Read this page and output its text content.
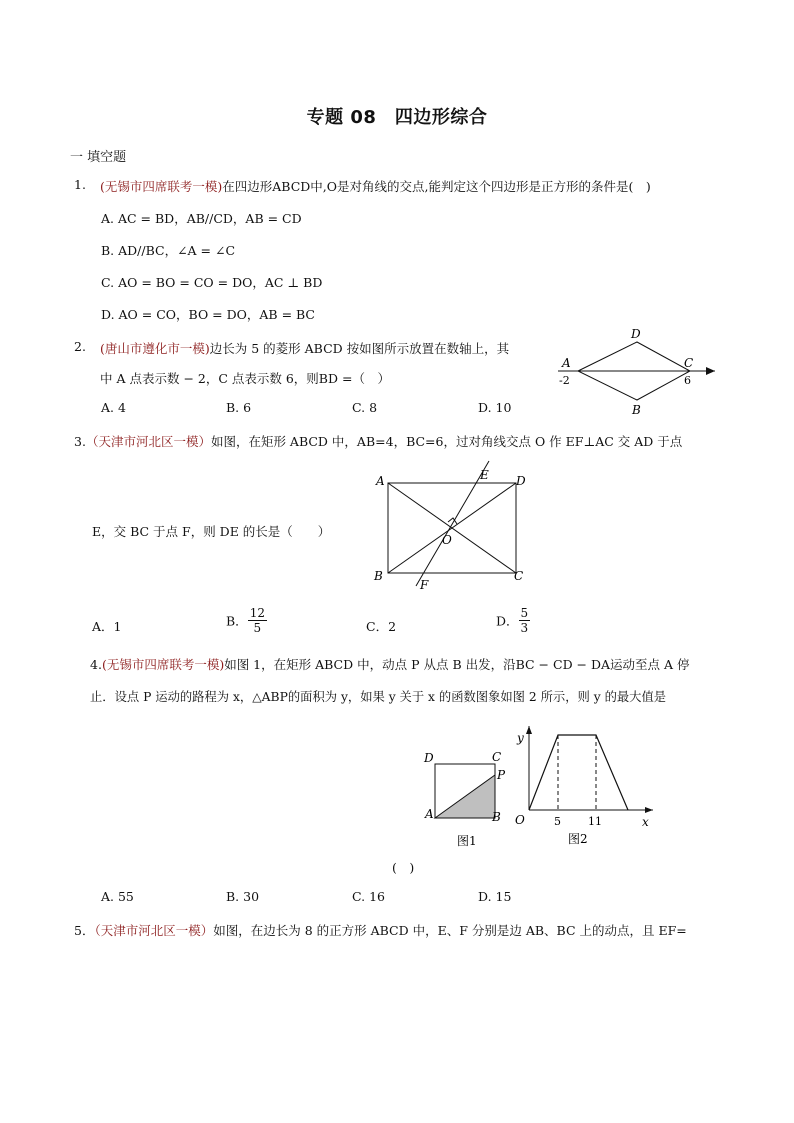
专题 08　四边形综合
一 填空题
1. (无锡市四席联考一模)在四边形ABCD中,O是对角线的交点,能判定这个四边形是正方形的条件是(　)
A. AC = BD，AB//CD，AB = CD
B. AD//BC，∠A = ∠C
C. AO = BO = CO = DO，AC ⊥ BD
D. AO = CO，BO = DO，AB = BC
2. (唐山市遵化市一模)边长为 5 的菱形 ABCD 按如图所示放置在数轴上，其
中 A 点表示数 − 2，C 点表示数 6，则BD =（　）
A. 4	B. 6	C. 8	D. 10
D
A	C
-2	6
B
3.（天津市河北区一模）如图，在矩形 ABCD 中，AB=4，BC=6，过对角线交点 O 作 EF⊥AC 交 AD 于点
E，交 BC 于点 F，则 DE 的长是（　　）
A	D
B	C
E
F
O
A．1	B． $\frac{12}{5}$	C．2	D． $\frac{5}{3}$
4.(无锡市四席联考一模)如图 1，在矩形 ABCD 中，动点 P 从点 B 出发，沿BC − CD − DA运动至点 A 停
止．设点 P 运动的路程为 x，△ABP的面积为 y，如果 y 关于 x 的函数图象如图 2 所示，则 y 的最大值是
D	C
P
A	B
图1
y
x
O	5 11
图2
(　)
A. 55	B. 30	C. 16	D. 15
5．（天津市河北区一模）如图，在边长为 8 的正方形 ABCD 中，E、F 分别是边 AB、BC 上的动点，且 EF=
